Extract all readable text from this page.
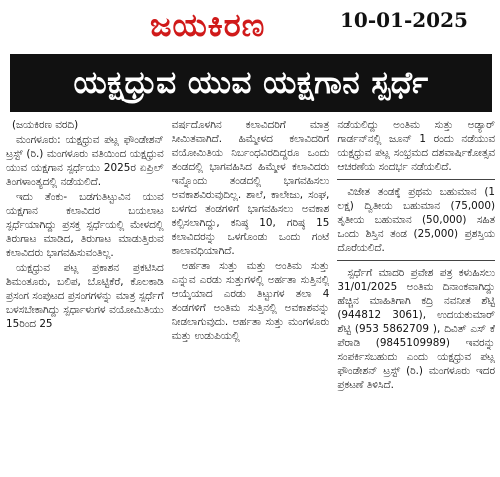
ಜಯಕಿರಣ	10-01-2025
ಯಕ್ಷಧ್ರುವ ಯುವ ಯಕ್ಷಗಾನ ಸ್ಪರ್ಧೆ

(ಜಯಕಿರಣ ವರದಿ)

ಮಂಗಳೂರು: ಯಕ್ಷಧ್ರುವ ಪಟ್ಲ ಫೌಂಡೇಶನ್ ಟ್ರಸ್ಟ್ (ರಿ.) ಮಂಗಳೂರು ವತಿಯಿಂದ ಯಕ್ಷಧ್ರುವ ಯುವ ಯಕ್ಷಗಾನ ಸ್ಪರ್ಧೆಯು 2025ರ ಏಪ್ರಿಲ್ ತಿಂಗಳಾಂತ್ಯದಲ್ಲಿ ನಡೆಯಲಿದೆ.

ಇದು ತೆಂಕು- ಬಡಗುತಿಟ್ಟುವಿನ ಯುವ ಯಕ್ಷಗಾನ ಕಲಾವಿದರ ಬಯಲಾಟ ಸ್ಪರ್ಧೆಯಾಗಿದ್ದು ಪ್ರಸಕ್ತ ಸ್ಪರ್ಧೆಯಲ್ಲಿ ಮೇಳದಲ್ಲಿ ತಿರುಗಾಟ ಮಾಡಿದ, ತಿರುಗಾಟ ಮಾಡುತ್ತಿರುವ ಕಲಾವಿದರು ಭಾಗವಹಿಸುವಂತಿಲ್ಲ.

ಯಕ್ಷಧ್ರುವ ಪಟ್ಲ ಪ್ರಕಾಶನ ಪ್ರಕಟಿಸಿದ ಶಿಮಂತೂರು, ಬಲಿಪ, ಬೊಟ್ಟಿಕೆರೆ, ಕೊಲಕಾಡಿ ಪ್ರಸಂಗ ಸಂಪುಟದ ಪ್ರಸಂಗಗಳನ್ನು ಮಾತ್ರ ಸ್ಪರ್ಧೆಗೆ ಬಳಸಬೇಕಾಗಿದ್ದು ಸ್ಪರ್ಧಾಳುಗಳ ವಯೋಮಿತಿಯು 15ರಿಂದ 25

ವರ್ಷದೊಳಗಿನ ಕಲಾವಿದರಿಗೆ ಮಾತ್ರ ಸೀಮಿತವಾಗಿದೆ. ಹಿಮ್ಮೇಳದ ಕಲಾವಿದರಿಗೆ ವಯೋಮಿತಿಯ ನಿರ್ಬಂಧವಿರದಿದ್ದರೂ ಒಂದು ತಂಡದಲ್ಲಿ ಭಾಗವಹಿಸಿದ ಹಿಮ್ಮೇಳ ಕಲಾವಿದರು ಇನ್ನೊಂದು ತಂಡದಲ್ಲಿ ಭಾಗವಹಿಸಲು ಅವಕಾಶವಿರುವುದಿಲ್ಲ. ಶಾಲೆ, ಕಾಲೇಜು, ಸಂಘ, ಬಳಗದ ತಂಡಗಳಿಗೆ ಭಾಗವಹಿಸಲು ಅವಕಾಶ ಕಲ್ಪಿಸಲಾಗಿದ್ದು, ಕನಿಷ್ಠ 10, ಗರಿಷ್ಠ 15 ಕಲಾವಿದರನ್ನು ಒಳಗೊಂಡು ಒಂದು ಗಂಟೆ ಕಾಲಾವಧಿಯಾಗಿದೆ.

ಅರ್ಹತಾ ಸುತ್ತು ಮತ್ತು ಅಂತಿಮ ಸುತ್ತು ಎನ್ನುವ ಎರಡು ಸುತ್ತುಗಳಲ್ಲಿ ಅರ್ಹತಾ ಸುತ್ತಿನಲ್ಲಿ ಆಯ್ಕೆಯಾದ ಎರಡು ತಿಟ್ಟುಗಳ ತಲಾ 4 ತಂಡಗಳಿಗೆ ಅಂತಿಮ ಸುತ್ತಿನಲ್ಲಿ ಅವಕಾಶವನ್ನು ನೀಡಲಾಗುವುದು. ಅರ್ಹತಾ ಸುತ್ತು ಮಂಗಳೂರು ಮತ್ತು ಉಡುಪಿಯಲ್ಲಿ

ನಡೆಯಲಿದ್ದು ಅಂತಿಮ ಸುತ್ತು ಅಡ್ಯಾರ್ ಗಾರ್ಡನ್‌ನಲ್ಲಿ ಜೂನ್ 1 ರಂದು ನಡೆಯುವ ಯಕ್ಷಧ್ರುವ ಪಟ್ಲ ಸಂಭ್ರಮದ ದಶವಾರ್ಷಿಕೋತ್ಸವ ಆಚರಣೆಯ ಸಂದರ್ಭ ನಡೆಯಲಿದೆ.

ವಿಜೇತ ತಂಡಕ್ಕೆ ಪ್ರಥಮ ಬಹುಮಾನ (1 ಲಕ್ಷ) ದ್ವಿತೀಯ ಬಹುಮಾನ (75,000) ತೃತೀಯ ಬಹುಮಾನ (50,000) ಸಹಿತ ಒಂದು ಶಿಸ್ತಿನ ತಂಡ (25,000) ಪ್ರಶಸ್ತಿಯ ದೊರೆಯಲಿದೆ.

ಸ್ಪರ್ಧೆಗೆ ಮಾದರಿ ಪ್ರವೇಶ ಪತ್ರ ಕಳುಹಿಸಲು 31/01/2025 ಅಂತಿಮ ದಿನಾಂಕವಾಗಿದ್ದು ಹೆಚ್ಚಿನ ಮಾಹಿತಿಗಾಗಿ ಕದ್ರಿ ನವನೀತ ಶೆಟ್ಟಿ (944812 3061), ಉದಯಕುಮಾರ್ ಶೆಟ್ಟಿ (953 5862709 ), ದಿವಿತ್ ಎಸ್ ಕೆ ಪೆರಾಡಿ (9845109989) ಇವರನ್ನು ಸಂಪರ್ಕಿಸಬಹುದು ಎಂದು ಯಕ್ಷಧ್ರುವ ಪಟ್ಲ ಫೌಂಡೇಶನ್ ಟ್ರಸ್ಟ್ (ರಿ.) ಮಂಗಳೂರು ಇದರ ಪ್ರಕಟಣೆ ತಿಳಿಸಿದೆ.
